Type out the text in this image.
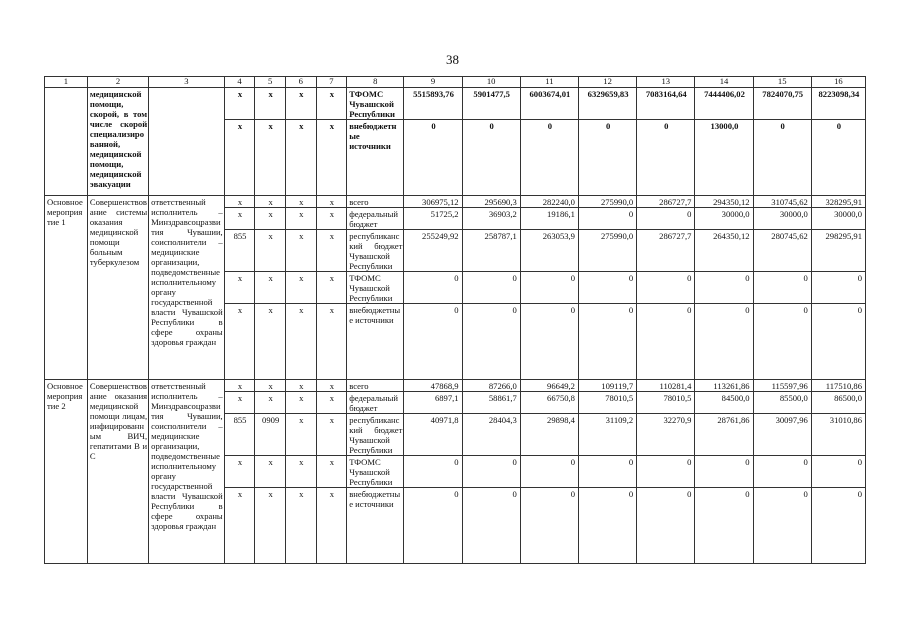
38
1	2	3	4	5	6	7	8	9	10	11	12	13	14	15	16
	медицинской помощи, скорой, в том числе скорой специализированной, медицинской помощи, медицинской эвакуации		x	x	x	x	ТФОМС Чувашской Республики	5515893,76	5901477,5	6003674,01	6329659,83	7083164,64	7444406,02	7824070,75	8223098,34
			x	x	x	x	внебюджетные источники	0	0	0	0	0	13000,0	0	0
Основное мероприятие 1	Совершенствование системы оказания медицинской помощи больным туберкулезом	ответственный исполнитель – Минздравсоцразвития Чувашии, соисполнители – медицинские организации, подведомственные исполнительному органу государственной власти Чувашской Республики в сфере охраны здоровья граждан	x	x	x	x	всего	306975,12	295690,3	282240,0	275990,0	286727,7	294350,12	310745,62	328295,91
			x	x	x	x	федеральный бюджет	51725,2	36903,2	19186,1	0	0	30000,0	30000,0	30000,0
			855	x	x	x	республиканский бюджет Чувашской Республики	255249,92	258787,1	263053,9	275990,0	286727,7	264350,12	280745,62	298295,91
			x	x	x	x	ТФОМС Чувашской Республики	0	0	0	0	0	0	0	0
			x	x	x	x	внебюджетные источники	0	0	0	0	0	0	0	0
Основное мероприятие 2	Совершенствование оказания медицинской помощи лицам, инфицированным ВИЧ, гепатитами В и С	ответственный исполнитель – Минздравсоцразвития Чувашии, соисполнители – медицинские организации, подведомственные исполнительному органу государственной власти Чувашской Республики в сфере охраны здоровья граждан	x	x	x	x	всего	47868,9	87266,0	96649,2	109119,7	110281,4	113261,86	115597,96	117510,86
			x	x	x	x	федеральный бюджет	6897,1	58861,7	66750,8	78010,5	78010,5	84500,0	85500,0	86500,0
			855	0909	x	x	республиканский бюджет Чувашской Республики	40971,8	28404,3	29898,4	31109,2	32270,9	28761,86	30097,96	31010,86
			x	x	x	x	ТФОМС Чувашской Республики	0	0	0	0	0	0	0	0
			x	x	x	x	внебюджетные источники	0	0	0	0	0	0	0	0
